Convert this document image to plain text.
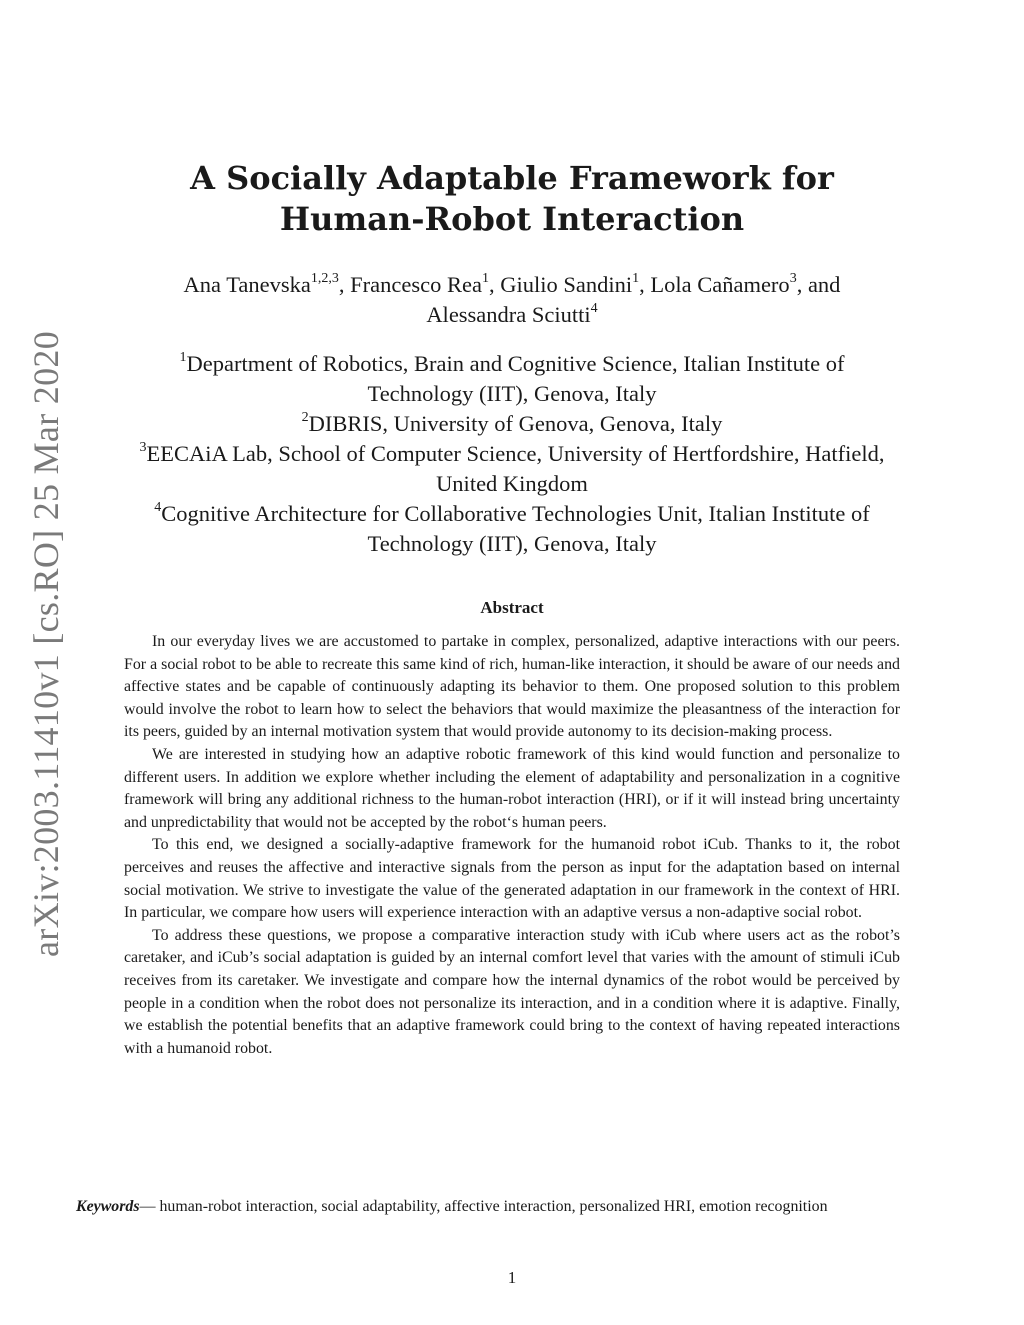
arXiv:2003.11410v1 [cs.RO] 25 Mar 2020
A Socially Adaptable Framework for
Human-Robot Interaction
Ana Tanevska$^{1,2,3}$, Francesco Rea$^1$, Giulio Sandini$^1$, Lola Cañamero$^3$, and
Alessandra Sciutti$^4$
$^1$Department of Robotics, Brain and Cognitive Science, Italian Institute of
Technology (IIT), Genova, Italy
$^2$DIBRIS, University of Genova, Genova, Italy
$^3$EECAiA Lab, School of Computer Science, University of Hertfordshire, Hatfield,
United Kingdom
$^4$Cognitive Architecture for Collaborative Technologies Unit, Italian Institute of
Technology (IIT), Genova, Italy
Abstract

In our everyday lives we are accustomed to partake in complex, personalized, adaptive interactions with our peers. For a social robot to be able to recreate this same kind of rich, human-like interaction, it should be aware of our needs and affective states and be capable of continuously adapting its behavior to them. One proposed solution to this problem would involve the robot to learn how to select the behaviors that would maximize the pleasantness of the interaction for its peers, guided by an internal motivation system that would provide autonomy to its decision-making process.

We are interested in studying how an adaptive robotic framework of this kind would function and personalize to different users. In addition we explore whether including the element of adaptability and personalization in a cognitive framework will bring any additional richness to the human-robot interaction (HRI), or if it will instead bring uncertainty and unpredictability that would not be accepted by the robot‘s human peers.

To this end, we designed a socially-adaptive framework for the humanoid robot iCub. Thanks to it, the robot perceives and reuses the affective and interactive signals from the person as input for the adaptation based on internal social motivation. We strive to investigate the value of the generated adaptation in our framework in the context of HRI. In particular, we compare how users will experience interaction with an adaptive versus a non-adaptive social robot.

To address these questions, we propose a comparative interaction study with iCub where users act as the robot’s caretaker, and iCub’s social adaptation is guided by an internal comfort level that varies with the amount of stimuli iCub receives from its caretaker. We investigate and compare how the internal dynamics of the robot would be perceived by people in a condition when the robot does not personalize its interaction, and in a condition where it is adaptive. Finally, we establish the potential benefits that an adaptive framework could bring to the context of having repeated interactions with a humanoid robot.

Keywords— human-robot interaction, social adaptability, affective interaction, personalized HRI, emotion recognition
1
